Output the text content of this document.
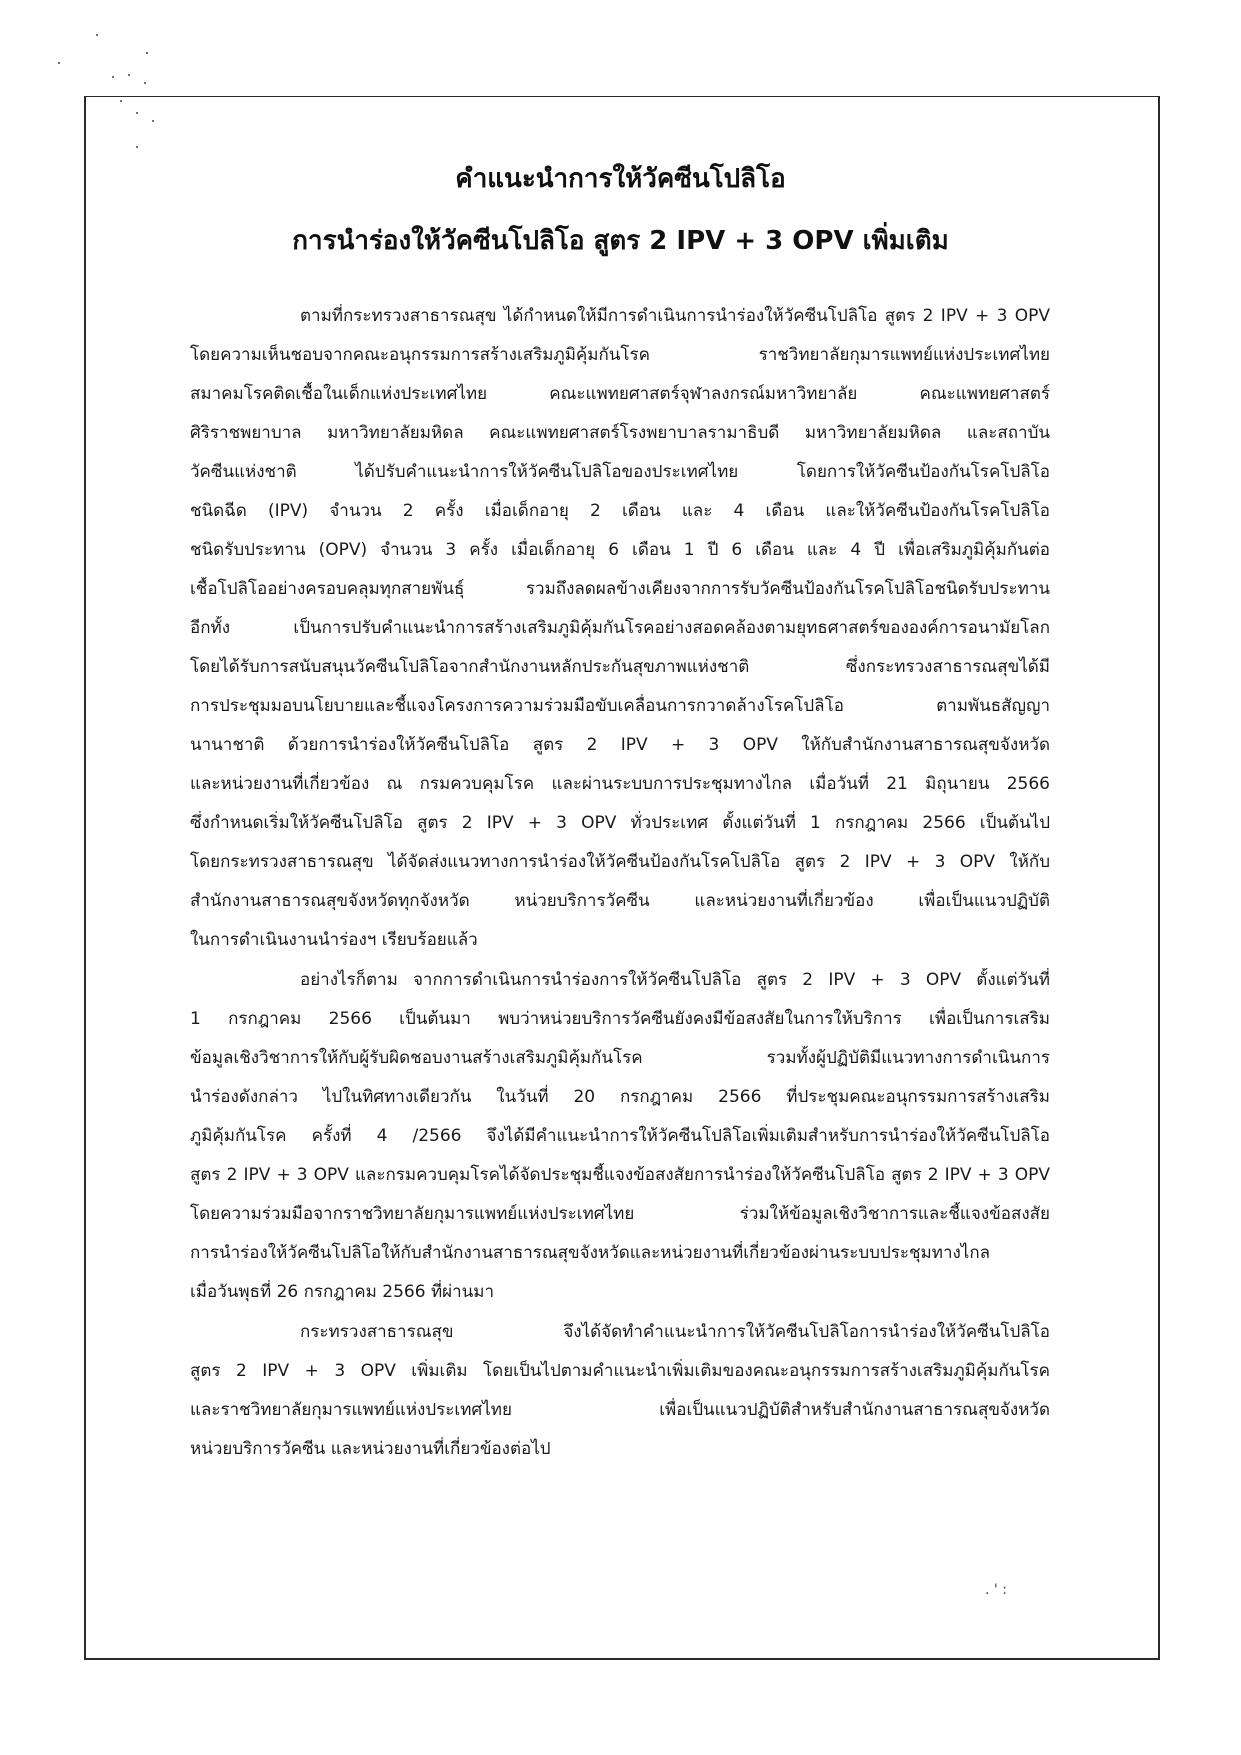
คำแนะนำการให้วัคซีนโปลิโอ
การนำร่องให้วัคซีนโปลิโอ สูตร 2 IPV + 3 OPV เพิ่มเติม
ตามที่กระทรวงสาธารณสุข ได้กำหนดให้มีการดำเนินการนำร่องให้วัคซีนโปลิโอ สูตร 2 IPV + 3 OPV
โดยความเห็นชอบจากคณะอนุกรรมการสร้างเสริมภูมิคุ้มกันโรค ราชวิทยาลัยกุมารแพทย์แห่งประเทศไทย
สมาคมโรคติดเชื้อในเด็กแห่งประเทศไทย คณะแพทยศาสตร์จุฬาลงกรณ์มหาวิทยาลัย คณะแพทยศาสตร์
ศิริราชพยาบาล มหาวิทยาลัยมหิดล คณะแพทยศาสตร์โรงพยาบาลรามาธิบดี มหาวิทยาลัยมหิดล และสถาบัน
วัคซีนแห่งชาติ ได้ปรับคำแนะนำการให้วัคซีนโปลิโอของประเทศไทย โดยการให้วัคซีนป้องกันโรคโปลิโอ
ชนิดฉีด (IPV) จำนวน 2 ครั้ง เมื่อเด็กอายุ 2 เดือน และ 4 เดือน และให้วัคซีนป้องกันโรคโปลิโอ
ชนิดรับประทาน (OPV) จำนวน 3 ครั้ง เมื่อเด็กอายุ 6 เดือน 1 ปี 6 เดือน และ 4 ปี เพื่อเสริมภูมิคุ้มกันต่อ
เชื้อโปลิโออย่างครอบคลุมทุกสายพันธุ์ รวมถึงลดผลข้างเคียงจากการรับวัคซีนป้องกันโรคโปลิโอชนิดรับประทาน
อีกทั้ง เป็นการปรับคำแนะนำการสร้างเสริมภูมิคุ้มกันโรคอย่างสอดคล้องตามยุทธศาสตร์ขององค์การอนามัยโลก
โดยได้รับการสนับสนุนวัคซีนโปลิโอจากสำนักงานหลักประกันสุขภาพแห่งชาติ ซึ่งกระทรวงสาธารณสุขได้มี
การประชุมมอบนโยบายและชี้แจงโครงการความร่วมมือขับเคลื่อนการกวาดล้างโรคโปลิโอ ตามพันธสัญญา
นานาชาติ ด้วยการนำร่องให้วัคซีนโปลิโอ สูตร 2 IPV + 3 OPV ให้กับสำนักงานสาธารณสุขจังหวัด
และหน่วยงานที่เกี่ยวข้อง ณ กรมควบคุมโรค และผ่านระบบการประชุมทางไกล เมื่อวันที่ 21 มิถุนายน 2566
ซึ่งกำหนดเริ่มให้วัคซีนโปลิโอ สูตร 2 IPV + 3 OPV ทั่วประเทศ ตั้งแต่วันที่ 1 กรกฎาคม 2566 เป็นต้นไป
โดยกระทรวงสาธารณสุข ได้จัดส่งแนวทางการนำร่องให้วัคซีนป้องกันโรคโปลิโอ สูตร 2 IPV + 3 OPV ให้กับ
สำนักงานสาธารณสุขจังหวัดทุกจังหวัด หน่วยบริการวัคซีน และหน่วยงานที่เกี่ยวข้อง เพื่อเป็นแนวปฏิบัติ
ในการดำเนินงานนำร่องฯ เรียบร้อยแล้ว
อย่างไรก็ตาม จากการดำเนินการนำร่องการให้วัคซีนโปลิโอ สูตร 2 IPV + 3 OPV ตั้งแต่วันที่
1 กรกฎาคม 2566 เป็นต้นมา พบว่าหน่วยบริการวัคซีนยังคงมีข้อสงสัยในการให้บริการ เพื่อเป็นการเสริม
ข้อมูลเชิงวิชาการให้กับผู้รับผิดชอบงานสร้างเสริมภูมิคุ้มกันโรค รวมทั้งผู้ปฏิบัติมีแนวทางการดำเนินการ
นำร่องดังกล่าว ไปในทิศทางเดียวกัน ในวันที่ 20 กรกฎาคม 2566 ที่ประชุมคณะอนุกรรมการสร้างเสริม
ภูมิคุ้มกันโรค ครั้งที่ 4 /2566 จึงได้มีคำแนะนำการให้วัคซีนโปลิโอเพิ่มเติมสำหรับการนำร่องให้วัคซีนโปลิโอ
สูตร 2 IPV + 3 OPV และกรมควบคุมโรคได้จัดประชุมชี้แจงข้อสงสัยการนำร่องให้วัคซีนโปลิโอ สูตร 2 IPV + 3 OPV
โดยความร่วมมือจากราชวิทยาลัยกุมารแพทย์แห่งประเทศไทย ร่วมให้ข้อมูลเชิงวิชาการและชี้แจงข้อสงสัย
การนำร่องให้วัคซีนโปลิโอให้กับสำนักงานสาธารณสุขจังหวัดและหน่วยงานที่เกี่ยวข้องผ่านระบบประชุมทางไกล
เมื่อวันพุธที่ 26 กรกฎาคม 2566 ที่ผ่านมา
กระทรวงสาธารณสุข จึงได้จัดทำคำแนะนำการให้วัคซีนโปลิโอการนำร่องให้วัคซีนโปลิโอ
สูตร 2 IPV + 3 OPV เพิ่มเติม โดยเป็นไปตามคำแนะนำเพิ่มเติมของคณะอนุกรรมการสร้างเสริมภูมิคุ้มกันโรค
และราชวิทยาลัยกุมารแพทย์แห่งประเทศไทย เพื่อเป็นแนวปฏิบัติสำหรับสำนักงานสาธารณสุขจังหวัด
หน่วยบริการวัคซีน และหน่วยงานที่เกี่ยวข้องต่อไป
. ' :
